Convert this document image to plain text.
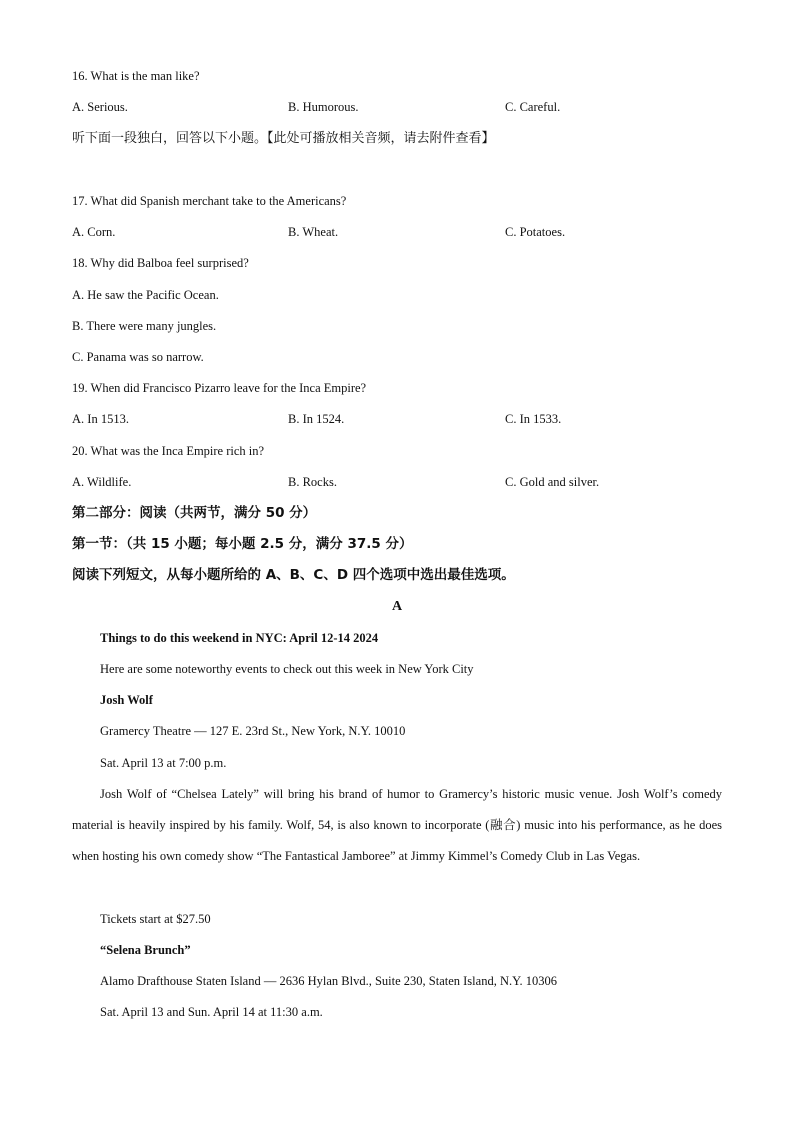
16. What is the man like?
A. Serious.	B. Humorous.	C. Careful.
听下面一段独白，回答以下小题。【此处可播放相关音频，请去附件查看】
17. What did Spanish merchant take to the Americans?
A. Corn.	B. Wheat.	C. Potatoes.
18. Why did Balboa feel surprised?
A. He saw the Pacific Ocean.
B. There were many jungles.
C. Panama was so narrow.
19. When did Francisco Pizarro leave for the Inca Empire?
A. In 1513.	B. In 1524.	C. In 1533.
20. What was the Inca Empire rich in?
A. Wildlife.	B. Rocks.	C. Gold and silver.
第二部分：阅读（共两节，满分 50 分）
第一节：（共 15 小题；每小题 2.5 分，满分 37.5 分）
阅读下列短文，从每小题所给的 A、B、C、D 四个选项中选出最佳选项。
A
Things to do this weekend in NYC: April 12-14 2024
Here are some noteworthy events to check out this week in New York City
Josh Wolf
Gramercy Theatre — 127 E. 23rd St., New York, N.Y. 10010
Sat. April 13 at 7:00 p.m.
Josh Wolf of “Chelsea Lately” will bring his brand of humor to Gramercy’s historic music venue. Josh Wolf’s comedy material is heavily inspired by his family. Wolf, 54, is also known to incorporate (融合) music into his performance, as he does when hosting his own comedy show “The Fantastical Jamboree” at Jimmy Kimmel’s Comedy Club in Las Vegas.
Tickets start at $27.50
“Selena Brunch”
Alamo Drafthouse Staten Island — 2636 Hylan Blvd., Suite 230, Staten Island, N.Y. 10306
Sat. April 13 and Sun. April 14 at 11:30 a.m.
